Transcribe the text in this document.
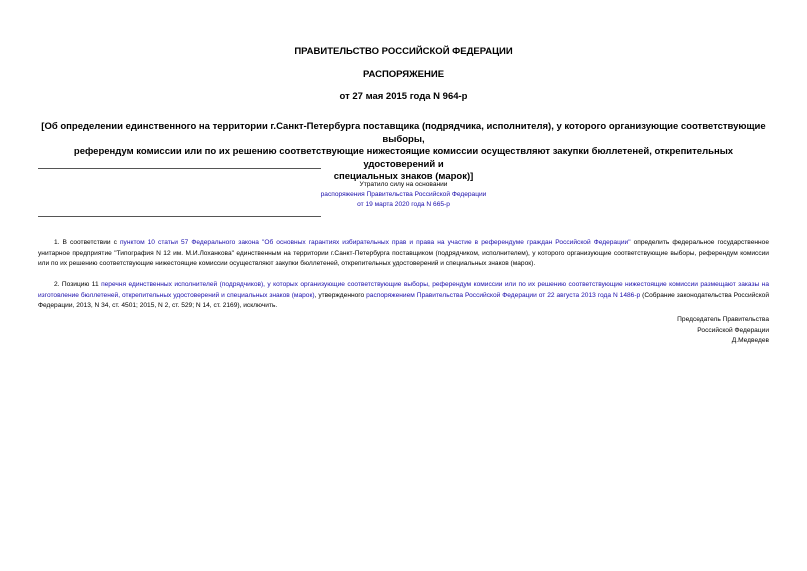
ПРАВИТЕЛЬСТВО РОССИЙСКОЙ ФЕДЕРАЦИИ
РАСПОРЯЖЕНИЕ
от 27 мая 2015 года N 964-р
[Об определении единственного на территории г.Санкт-Петербурга поставщика (подрядчика, исполнителя), у которого организующие соответствующие выборы,
референдум комиссии или по их решению соответствующие нижестоящие комиссии осуществляют закупки бюллетеней, открепительных удостоверений и
специальных знаков (марок)]
Утратило силу на основании
распоряжения Правительства Российской Федерации
от 19 марта 2020 года N 665-р
1. В соответствии с пунктом 10 статьи 57 Федерального закона "Об основных гарантиях избирательных прав и права на участие в референдуме граждан Российской Федерации" определить федеральное государственное унитарное предприятие "Типография N 12 им. М.И.Лоханкова" единственным на территории г.Санкт-Петербурга поставщиком (подрядчиком, исполнителем), у которого организующие соответствующие выборы, референдум комиссии или по их решению соответствующие нижестоящие комиссии осуществляют закупки бюллетеней, открепительных удостоверений и специальных знаков (марок).
2. Позицию 11 перечня единственных исполнителей (подрядчиков), у которых организующие соответствующие выборы, референдум комиссии или по их решению соответствующие нижестоящие комиссии размещают заказы на изготовление бюллетеней, открепительных удостоверений и специальных знаков (марок), утвержденного распоряжением Правительства Российской Федерации от 22 августа 2013 года N 1486-р (Собрание законодательства Российской Федерации, 2013, N 34, ст. 4501; 2015, N 2, ст. 529; N 14, ст. 2169), исключить.
Председатель Правительства
Российской Федерации
Д.Медведев
